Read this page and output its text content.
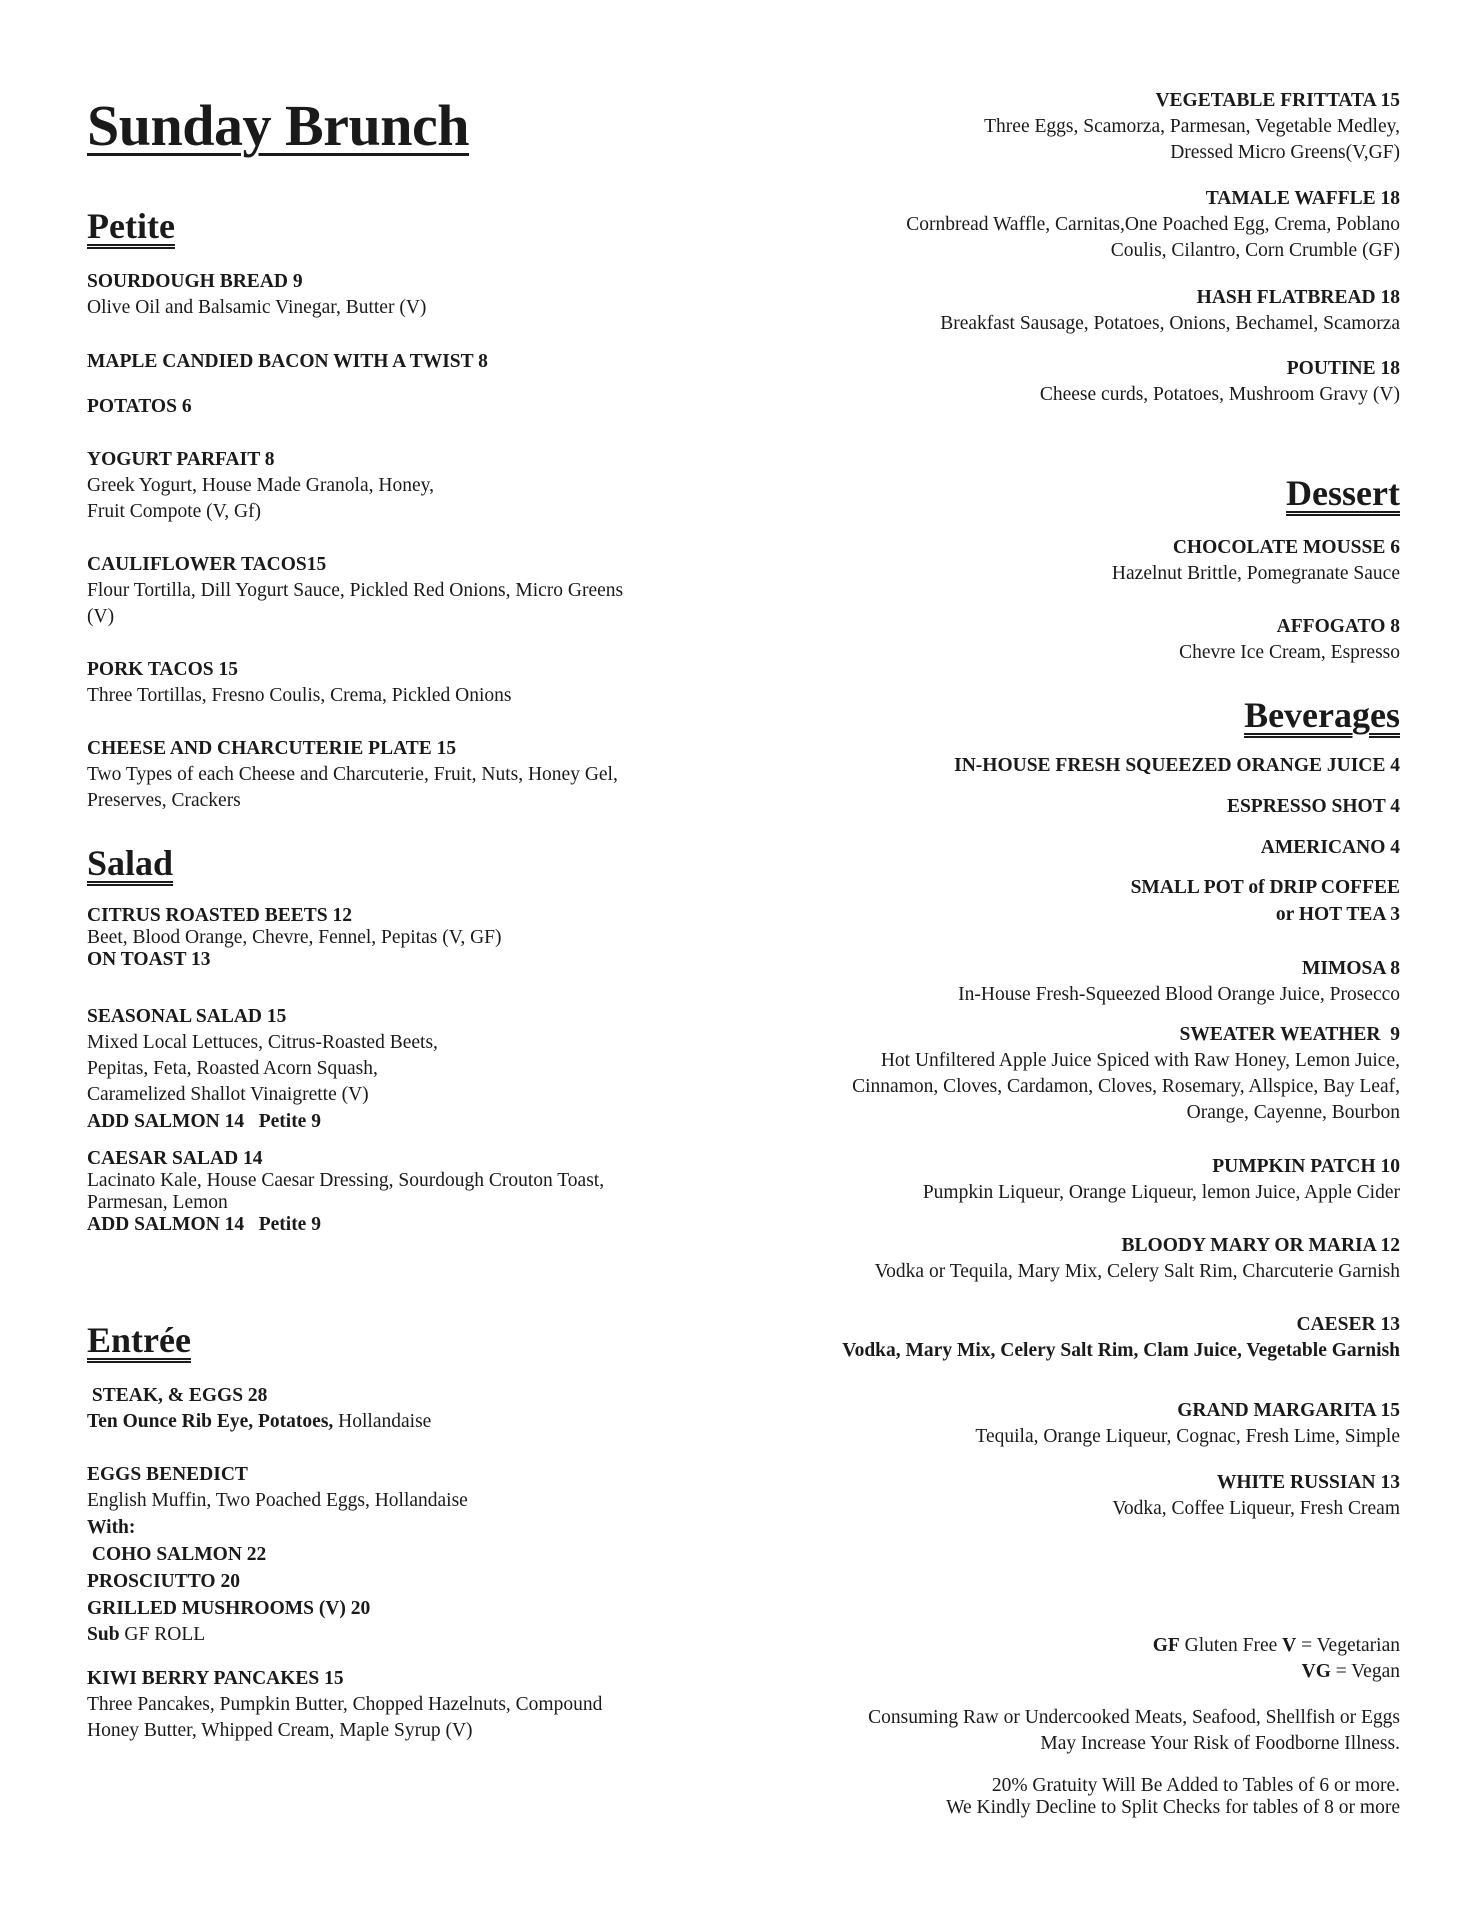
Sunday Brunch
Petite
SOURDOUGH BREAD 9
Olive Oil and Balsamic Vinegar, Butter (V)
MAPLE CANDIED BACON WITH A TWIST 8
POTATOS 6
YOGURT PARFAIT 8
Greek Yogurt, House Made Granola, Honey,
Fruit Compote (V, Gf)
CAULIFLOWER TACOS15
Flour Tortilla, Dill Yogurt Sauce, Pickled Red Onions, Micro Greens
(V)
PORK TACOS 15
Three Tortillas, Fresno Coulis, Crema, Pickled Onions
CHEESE AND CHARCUTERIE PLATE 15
Two Types of each Cheese and Charcuterie, Fruit, Nuts, Honey Gel,
Preserves, Crackers
Salad
CITRUS ROASTED BEETS 12
Beet, Blood Orange, Chevre, Fennel, Pepitas (V, GF)
ON TOAST 13
SEASONAL SALAD 15
Mixed Local Lettuces, Citrus-Roasted Beets,
Pepitas, Feta, Roasted Acorn Squash,
Caramelized Shallot Vinaigrette (V)
ADD SALMON 14   Petite 9
CAESAR SALAD 14
Lacinato Kale, House Caesar Dressing, Sourdough Crouton Toast,
Parmesan, Lemon
ADD SALMON 14   Petite 9
Entrée
STEAK, & EGGS 28
Ten Ounce Rib Eye, Potatoes, Hollandaise
EGGS BENEDICT
English Muffin, Two Poached Eggs, Hollandaise
With:
COHO SALMON 22
PROSCIUTTO 20
GRILLED MUSHROOMS (V) 20
Sub GF ROLL
KIWI BERRY PANCAKES 15
Three Pancakes, Pumpkin Butter, Chopped Hazelnuts, Compound
Honey Butter, Whipped Cream, Maple Syrup (V)
VEGETABLE FRITTATA 15
Three Eggs, Scamorza, Parmesan, Vegetable Medley,
Dressed Micro Greens(V,GF)
TAMALE WAFFLE 18
Cornbread Waffle, Carnitas,One Poached Egg, Crema, Poblano
Coulis, Cilantro, Corn Crumble (GF)
HASH FLATBREAD 18
Breakfast Sausage, Potatoes, Onions, Bechamel, Scamorza
POUTINE 18
Cheese curds, Potatoes, Mushroom Gravy (V)
Dessert
CHOCOLATE MOUSSE 6
Hazelnut Brittle, Pomegranate Sauce
AFFOGATO 8
Chevre Ice Cream, Espresso
Beverages
IN-HOUSE FRESH SQUEEZED ORANGE JUICE 4
ESPRESSO SHOT 4
AMERICANO 4
SMALL POT of DRIP COFFEE
or HOT TEA 3
MIMOSA 8
In-House Fresh-Squeezed Blood Orange Juice, Prosecco
SWEATER WEATHER  9
Hot Unfiltered Apple Juice Spiced with Raw Honey, Lemon Juice,
Cinnamon, Cloves, Cardamon, Cloves, Rosemary, Allspice, Bay Leaf,
Orange, Cayenne, Bourbon
PUMPKIN PATCH 10
Pumpkin Liqueur, Orange Liqueur, lemon Juice, Apple Cider
BLOODY MARY OR MARIA 12
Vodka or Tequila, Mary Mix, Celery Salt Rim, Charcuterie Garnish
CAESER 13
Vodka, Mary Mix, Celery Salt Rim, Clam Juice, Vegetable Garnish
GRAND MARGARITA 15
Tequila, Orange Liqueur, Cognac, Fresh Lime, Simple
WHITE RUSSIAN 13
Vodka, Coffee Liqueur, Fresh Cream
GF Gluten Free V = Vegetarian
VG = Vegan
Consuming Raw or Undercooked Meats, Seafood, Shellfish or Eggs
May Increase Your Risk of Foodborne Illness.
20% Gratuity Will Be Added to Tables of 6 or more.
We Kindly Decline to Split Checks for tables of 8 or more
